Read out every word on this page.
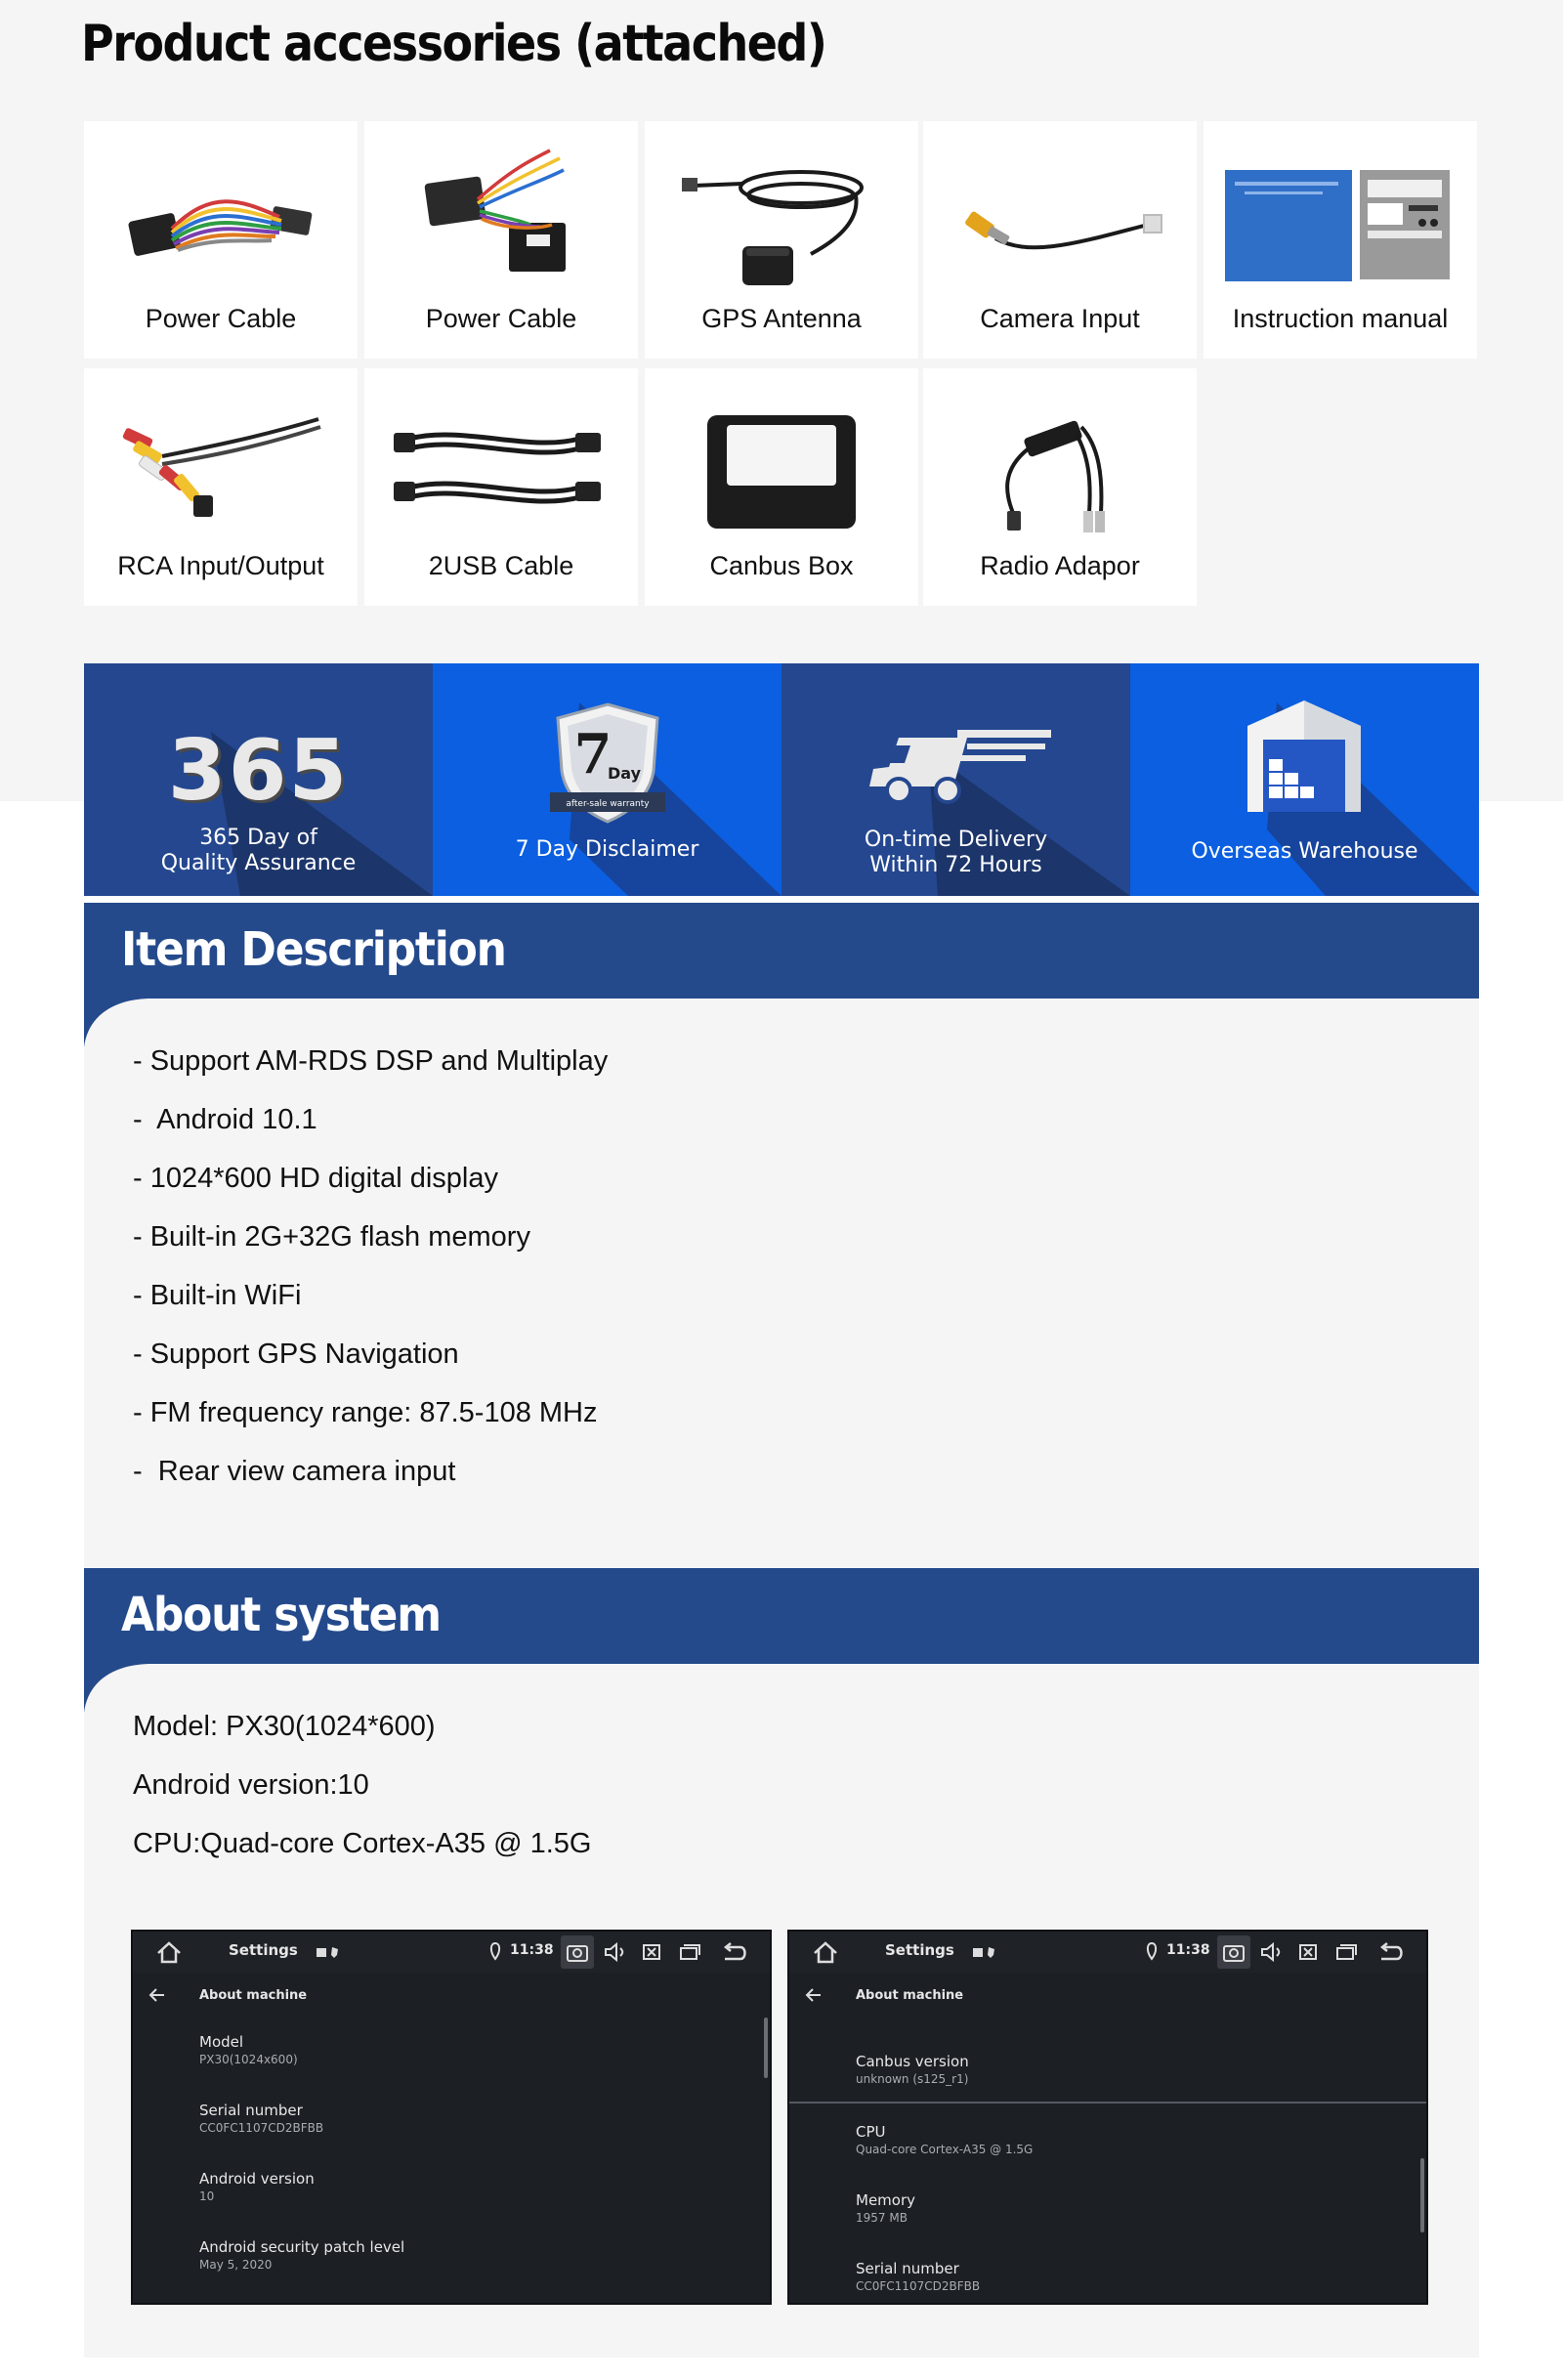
Product accessories (attached)
Power Cable	Power Cable	GPS Antenna	Camera Input	Instruction manual
RCA Input/Output	2USB Cable	Canbus Box	Radio Adapor
365
365 Day of
Quality Assurance
after-sale warranty
7
Day
7 Day Disclaimer	On-time Delivery
Within 72 Hours
Overseas Warehouse
Item Description
- Support AM-RDS DSP and Multiplay
-  Android 10.1
- 1024*600 HD digital display
- Built-in 2G+32G flash memory
- Built-in WiFi
- Support GPS Navigation
- FM frequency range: 87.5-108 MHz
-  Rear view camera input
About system
Model: PX30(1024*600)
Android version:10
CPU:Quad-core Cortex-A35 @ 1.5G
Settings	11:38
About machine
Model
PX30(1024x600)
Serial number
CC0FC1107CD2BFBB
Android version
10
Android security patch level
May 5, 2020
Settings	11:38
About machine
Canbus version
unknown (s125_r1)
CPU
Quad-core Cortex-A35 @ 1.5G
Memory
1957 MB
Serial number
CC0FC1107CD2BFBB
